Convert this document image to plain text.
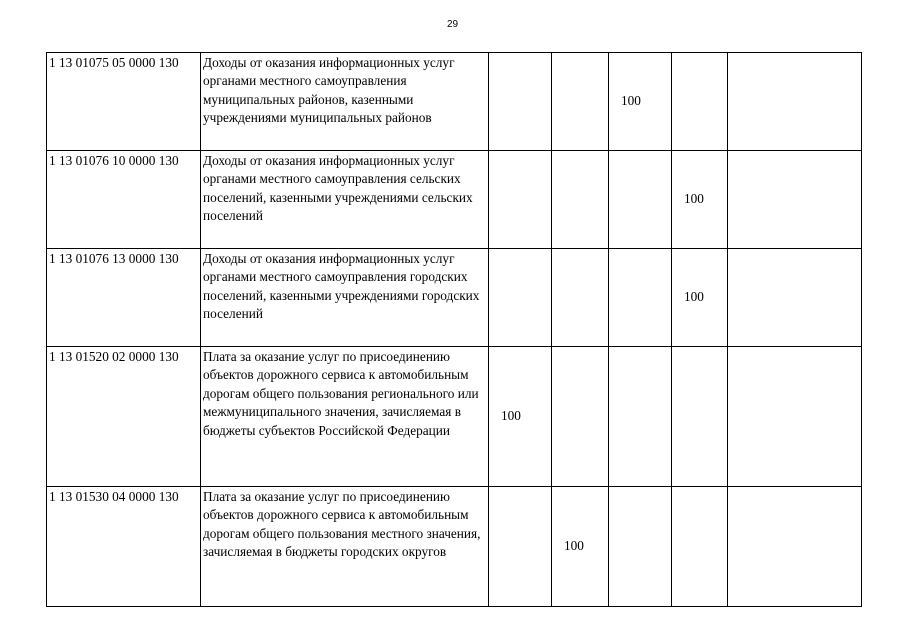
29
1 13 01075 05 0000 130	Доходы от оказания информационных услуг органами местного самоуправления муниципальных районов, казенными учреждениями муниципальных районов			100		
1 13 01076 10 0000 130	Доходы от оказания информационных услуг органами местного самоуправления сельских поселений, казенными учреждениями сельских поселений				100	
1 13 01076 13 0000 130	Доходы от оказания информационных услуг органами местного самоуправления городских поселений, казенными учреждениями городских поселений				100	
1 13 01520 02 0000 130	Плата за оказание услуг по присоединению объектов дорожного сервиса к автомобильным дорогам общего пользования регионального или межмуниципального значения, зачисляемая в бюджеты субъектов Российской Федерации	100				
1 13 01530 04 0000 130	Плата за оказание услуг по присоединению объектов дорожного сервиса к автомобильным дорогам общего пользования местного значения, зачисляемая в бюджеты городских округов		100			
